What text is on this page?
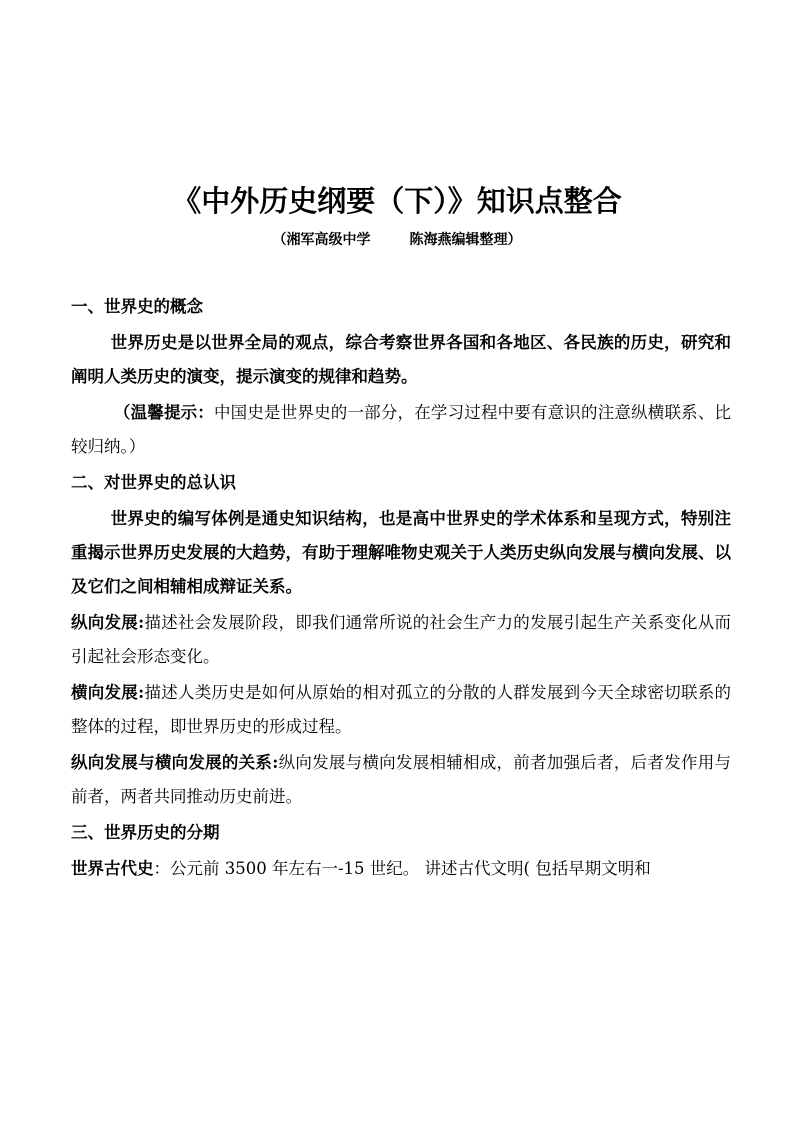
《中外历史纲要（下）》知识点整合
（湘军高级中学        陈海燕编辑整理）

一、世界史的概念

世界历史是以世界全局的观点，综合考察世界各国和各地区、各民族的历史，研究和阐明人类历史的演变，提示演变的规律和趋势。

（温馨提示：中国史是世界史的一部分，在学习过程中要有意识的注意纵横联系、比较归纳。）

二、对世界史的总认识

世界史的编写体例是通史知识结构，也是高中世界史的学术体系和呈现方式，特别注重揭示世界历史发展的大趋势，有助于理解唯物史观关于人类历史纵向发展与横向发展、以及它们之间相辅相成辩证关系。

纵向发展:描述社会发展阶段，即我们通常所说的社会生产力的发展引起生产关系变化从而引起社会形态变化。

横向发展:描述人类历史是如何从原始的相对孤立的分散的人群发展到今天全球密切联系的整体的过程，即世界历史的形成过程。

纵向发展与横向发展的关系:纵向发展与横向发展相辅相成，前者加强后者，后者发作用与前者，两者共同推动历史前进。

三、世界历史的分期

世界古代史：公元前 3500 年左右一-15 世纪。 讲述古代文明( 包括早期文明和
